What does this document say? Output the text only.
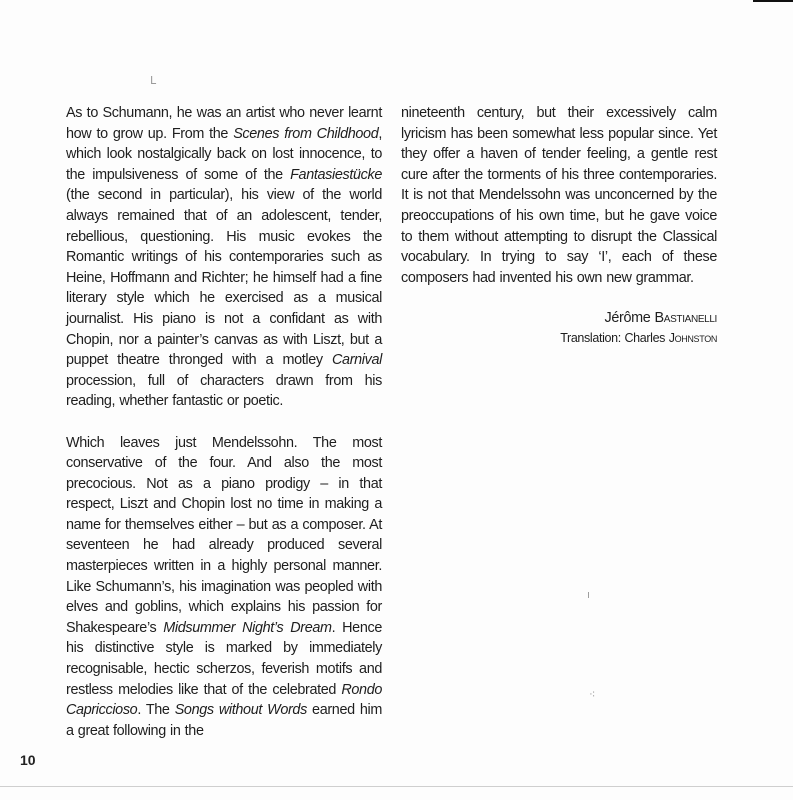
ᒪ
ı
⁖

As to Schumann, he was an artist who never learnt how to grow up. From the Scenes from Childhood, which look nostalgically back on lost innocence, to the impulsiveness of some of the Fantasiestücke (the second in particular), his view of the world always remained that of an adolescent, tender, rebellious, questioning. His music evokes the Romantic writings of his contemporaries such as Heine, Hoffmann and Richter; he himself had a fine literary style which he exercised as a musical journalist. His piano is not a confidant as with Chopin, nor a painter’s canvas as with Liszt, but a puppet theatre thronged with a motley Carnival procession, full of characters drawn from his reading, whether fantastic or poetic.

Which leaves just Mendelssohn. The most conservative of the four. And also the most precocious. Not as a piano prodigy – in that respect, Liszt and Chopin lost no time in making a name for themselves either – but as a composer. At seventeen he had already produced several masterpieces written in a highly personal manner. Like Schumann’s, his imagination was peopled with elves and goblins, which explains his passion for Shakespeare’s Midsummer Night’s Dream. Hence his distinctive style is marked by immediately recognisable, hectic scherzos, feverish motifs and restless melodies like that of the celebrated Rondo Capriccioso. The Songs without Words earned him a great following in the

nineteenth century, but their excessively calm lyricism has been somewhat less popular since. Yet they offer a haven of tender feeling, a gentle rest cure after the torments of his three contemporaries. It is not that Mendelssohn was unconcerned by the preoccupations of his own time, but he gave voice to them without attempting to disrupt the Classical vocabulary. In trying to say ‘I’, each of these composers had invented his own new grammar.

Jérôme Bastianelli
Translation: Charles Johnston
10
